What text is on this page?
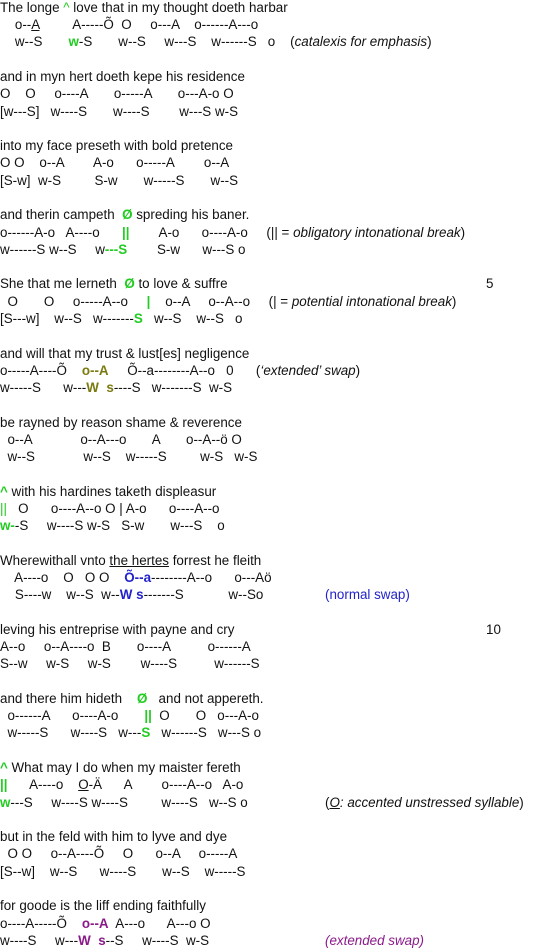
The longe ^ love that in my thought doeth harbar
o--A         A-----Õ  O     o---A    o------A---o
w--S       w-S       w--S     w---S    w------S   o    (catalexis for emphasis)
and in myn hert doeth kepe his residence
O    O     o----A       o-----A       o---A-o O
[w---S]   w----S       w----S        w---S w-S
into my face preseth with bold pretence
O O    o--A        A-o      o-----A        o--A
[S-w]  w-S         S-w       w-----S       w--S
and therin campeth  Ø spreding his baner.
o------A-o   A----o      ||        A-o      o----A-o     (|| = obligatory intonational break)
w------S w--S     w---S        S-w      w---S o
She that me lerneth  Ø to love & suffre
O       O     o-----A--o     |    o--A     o--A--o     (| = potential intonational break)
[S---w]    w--S   w-------S   w--S    w--S   o
5
and will that my trust & lust[es] negligence
o-----A----Õ    o--A     Õ--a--------A--o   0      (‘extended’ swap)
w-----S      w---W s----S   w-------S  w-S
be rayned by reason shame & reverence
o--A             o--A---o       A       o--A--ö O
w--S             w--S    w-----S         w-S   w-S
^ with his hardines taketh displeasur
||   O      o----A--o O | A-o      o----A--o
w--S     w----S w-S   S-w       w---S    o
Wherewithall vnto the hertes forrest he fleith
A----o    O   O O    Õ--a--------A--o      o---Aö
S----w    w--S  w--W s-------S            w--So	(normal swap)
leving his entreprise with payne and cry
A--o     o--A----o  B       o----A          o------A
S--w     w-S     w-S        w----S          w------S
10
and there him hideth    Ø   and not appereth.
o------A      o----A-o       ||  O       O   o---A-o
w-----S      w----S   w---S   w------S   w---S o
^ What may I do when my maister fereth
||      A----o    O-Ä      A        o----A--o   A-o
w---S     w----S w----S         w----S   w--S o	(O: accented unstressed syllable)
but in the feld with him to lyve and dye
O O     o--A----Õ     O      o--A     o-----A
[S--w]    w--S      w----S       w--S    w-----S
for goode is the liff ending faithfully
o----A-----Õ    o--A  A---o      A---o O
w----S     w---W s--S     w----S  w-S	(extended swap)
